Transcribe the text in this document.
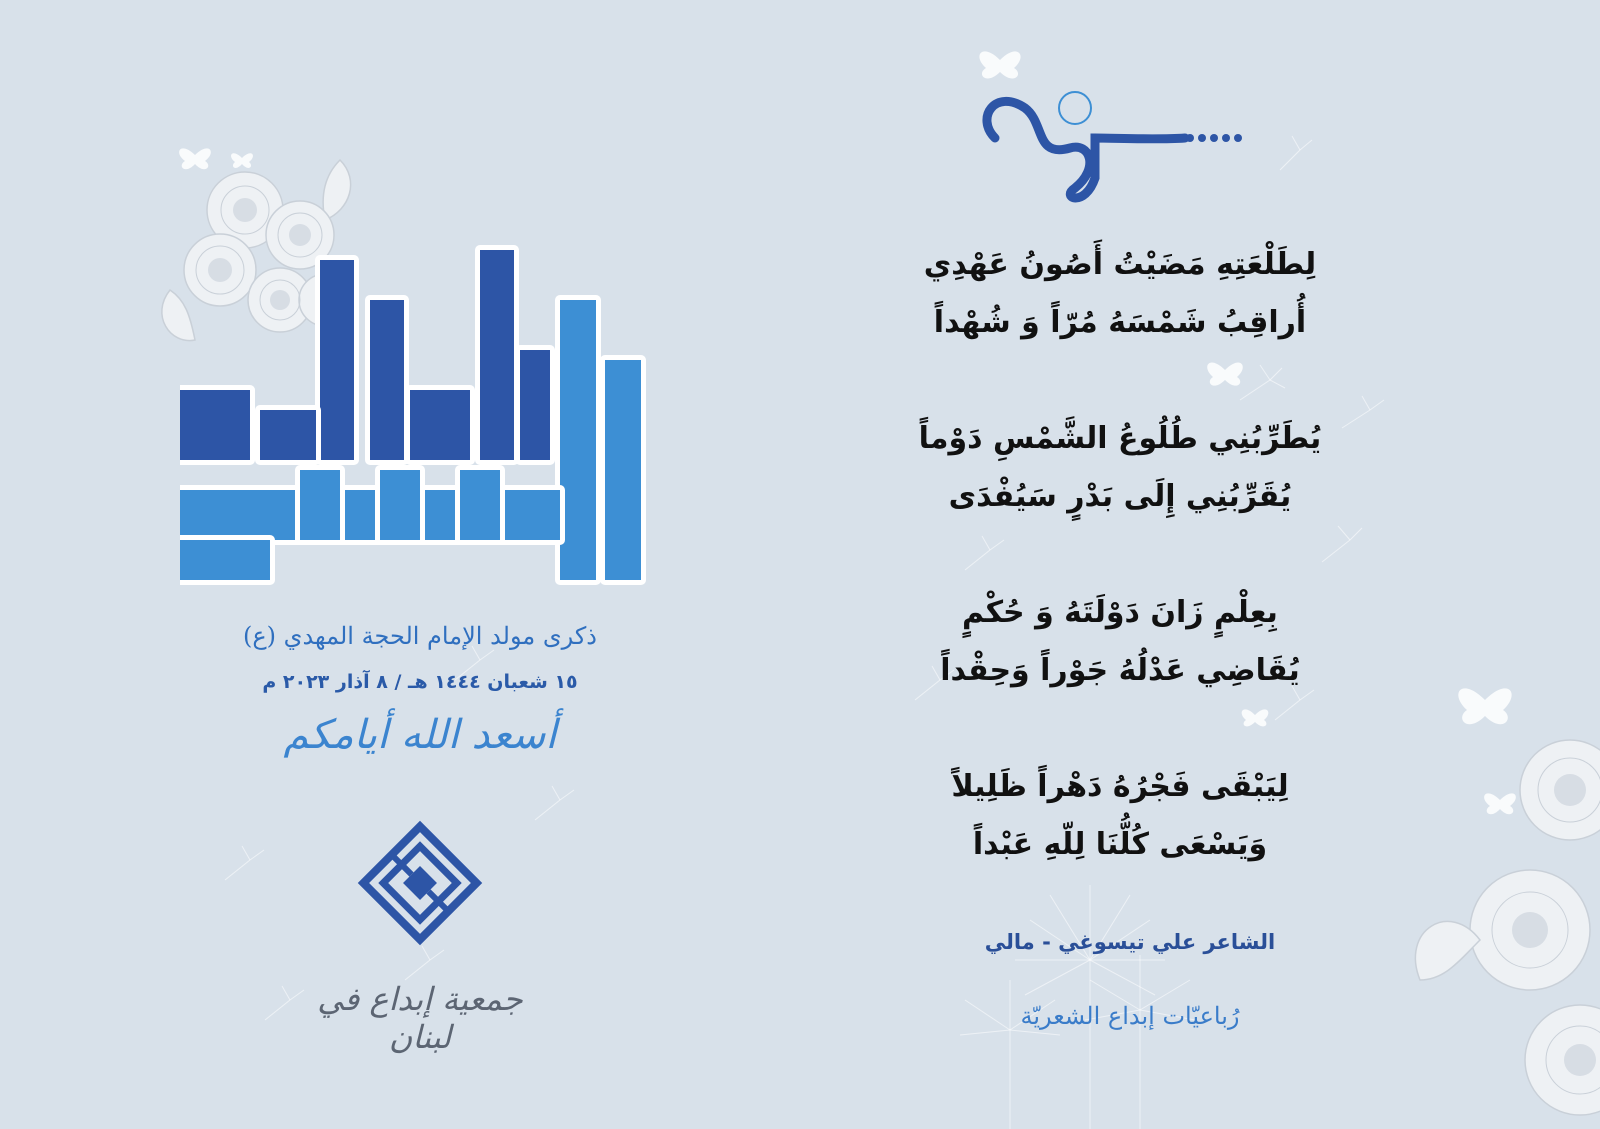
ذكرى مولد الإمام الحجة المهدي (ع)
١٥ شعبان ١٤٤٤ هـ / ٨ آذار ٢٠٢٣ م
أسعد الله أيامكم
جمعية إبداع في لبنان

لِطَلْعَتِهِ مَضَيْتُ أَصُونُ عَهْدِي

أُراقِبُ شَمْسَهُ مُرّاً وَ شُهْداً

يُطَرِّبُنِي طُلُوعُ الشَّمْسِ دَوْماً

يُقَرِّبُنِي إِلَى بَدْرٍ سَيُفْدَى

بِعِلْمٍ زَانَ دَوْلَتَهُ وَ حُكْمٍ

يُقَاضِي عَدْلُهُ جَوْراً وَحِقْداً

لِيَبْقَى فَجْرُهُ دَهْراً ظَلِيلاً

وَيَسْعَى كُلُّنَا لِلّهِ عَبْداً

الشاعر علي تيسوغي - مالي
رُباعيّات إبداع الشعريّة
